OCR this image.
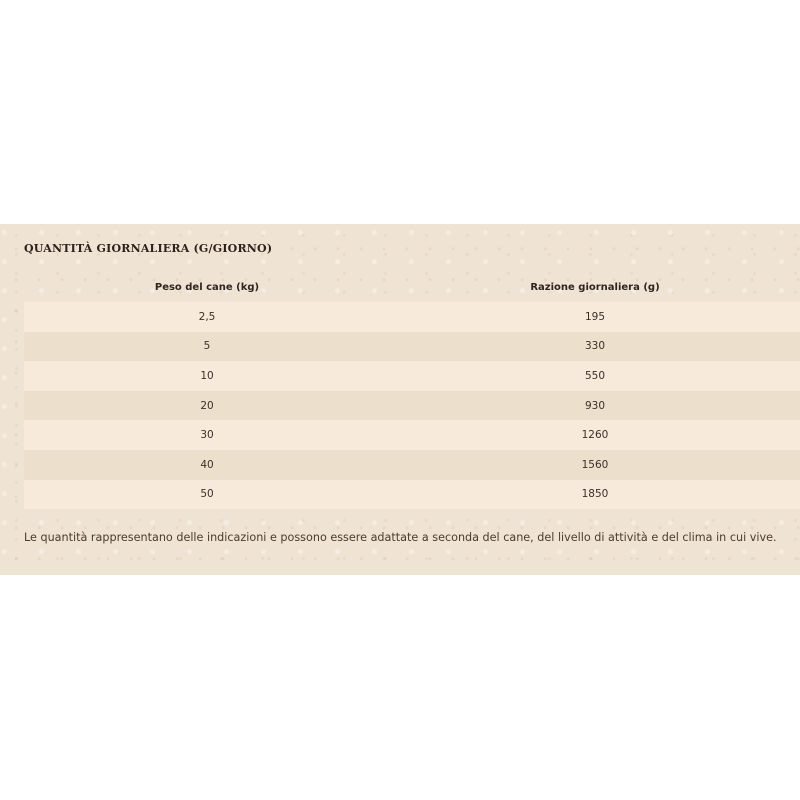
QUANTITÀ GIORNALIERA (G/GIORNO)
Peso del cane (kg)	Razione giornaliera (g)
2,5	195
5	330
10	550
20	930
30	1260
40	1560
50	1850
Le quantità rappresentano delle indicazioni e possono essere adattate a seconda del cane, del livello di attività e del clima in cui vive.
